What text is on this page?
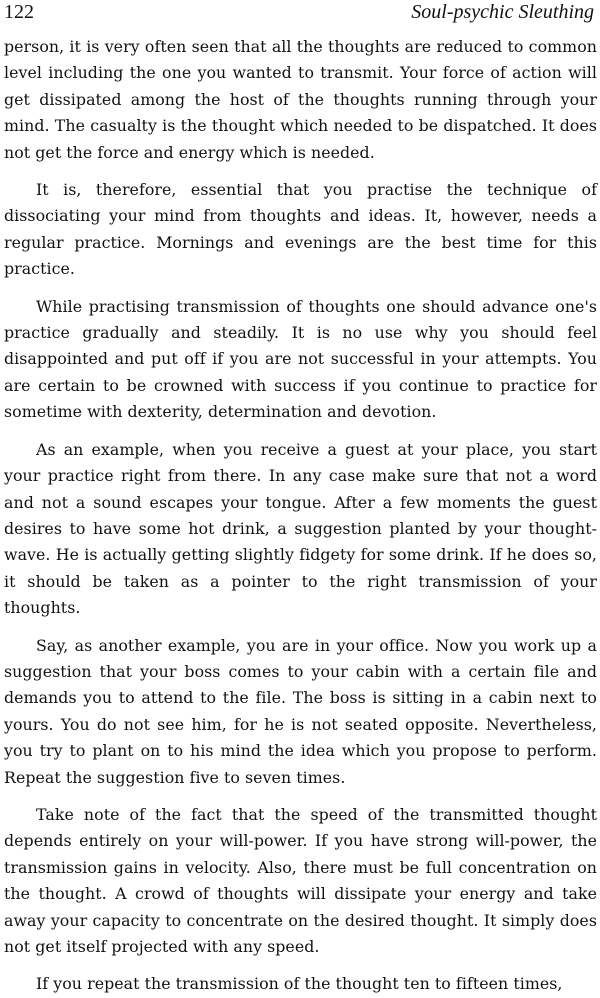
122	Soul-psychic Sleuthing

person, it is very often seen that all the thoughts are reduced to common level including the one you wanted to transmit. Your force of action will get dissipated among the host of the thoughts running through your mind. The casualty is the thought which needed to be dispatched. It does not get the force and energy which is needed.

It is, therefore, essential that you practise the technique of dissociating your mind from thoughts and ideas. It, however, needs a regular practice. Mornings and evenings are the best time for this practice.

While practising transmission of thoughts one should advance one's practice gradually and steadily. It is no use why you should feel disappointed and put off if you are not successful in your attempts. You are certain to be crowned with success if you continue to practice for sometime with dexterity, determination and devotion.

As an example, when you receive a guest at your place, you start your practice right from there. In any case make sure that not a word and not a sound escapes your tongue. After a few moments the guest desires to have some hot drink, a suggestion planted by your thought-wave. He is actually getting slightly fidgety for some drink. If he does so, it should be taken as a pointer to the right transmission of your thoughts.

Say, as another example, you are in your office. Now you work up a suggestion that your boss comes to your cabin with a certain file and demands you to attend to the file. The boss is sitting in a cabin next to yours. You do not see him, for he is not seated opposite. Nevertheless, you try to plant on to his mind the idea which you propose to perform. Repeat the suggestion five to seven times.

Take note of the fact that the speed of the transmitted thought depends entirely on your will-power. If you have strong will-power, the transmission gains in velocity. Also, there must be full concentration on the thought. A crowd of thoughts will dissipate your energy and take away your capacity to concentrate on the desired thought. It simply does not get itself projected with any speed.

If you repeat the transmission of the thought ten to fifteen times,
